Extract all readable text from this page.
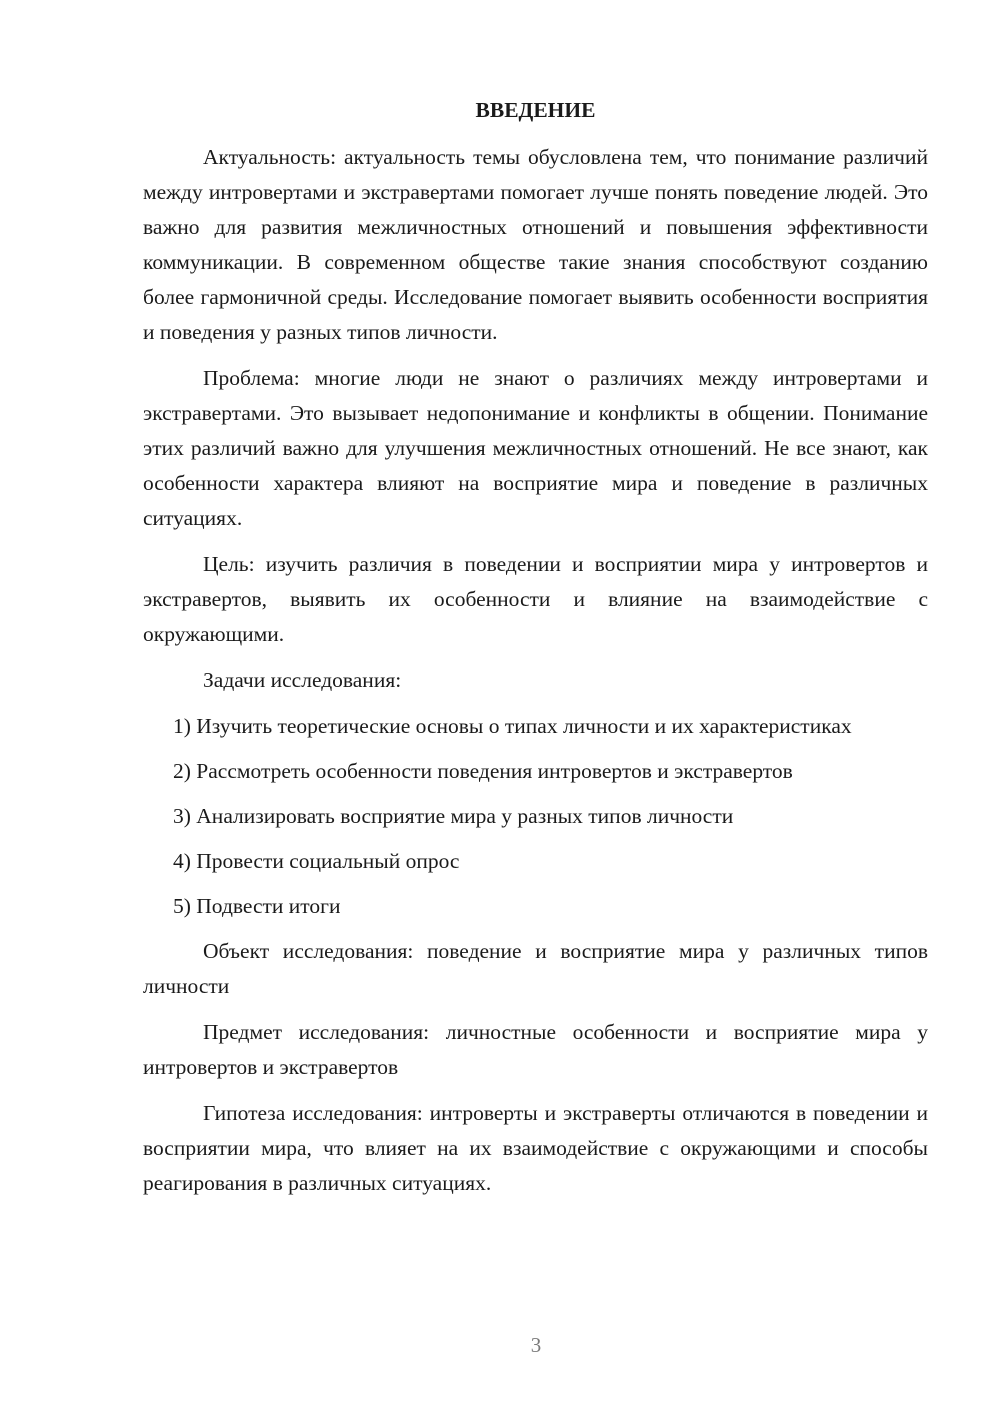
ВВЕДЕНИЕ

Актуальность: актуальность темы обусловлена тем, что понимание различий между интровертами и экстравертами помогает лучше понять поведение людей. Это важно для развития межличностных отношений и повышения эффективности коммуникации. В современном обществе такие знания способствуют созданию более гармоничной среды. Исследование помогает выявить особенности восприятия и поведения у разных типов личности.

Проблема: многие люди не знают о различиях между интровертами и экстравертами. Это вызывает недопонимание и конфликты в общении. Понимание этих различий важно для улучшения межличностных отношений. Не все знают, как особенности характера влияют на восприятие мира и поведение в различных ситуациях.

Цель: изучить различия в поведении и восприятии мира у интровертов и экстравертов, выявить их особенности и влияние на взаимодействие с окружающими.

Задачи исследования:

1) Изучить теоретические основы о типах личности и их характеристиках

2) Рассмотреть особенности поведения интровертов и экстравертов

3) Анализировать восприятие мира у разных типов личности

4) Провести социальный опрос

5) Подвести итоги

Объект исследования: поведение и восприятие мира у различных типов личности

Предмет исследования: личностные особенности и восприятие мира у интровертов и экстравертов

Гипотеза исследования: интроверты и экстраверты отличаются в поведении и восприятии мира, что влияет на их взаимодействие с окружающими и способы реагирования в различных ситуациях.

3
